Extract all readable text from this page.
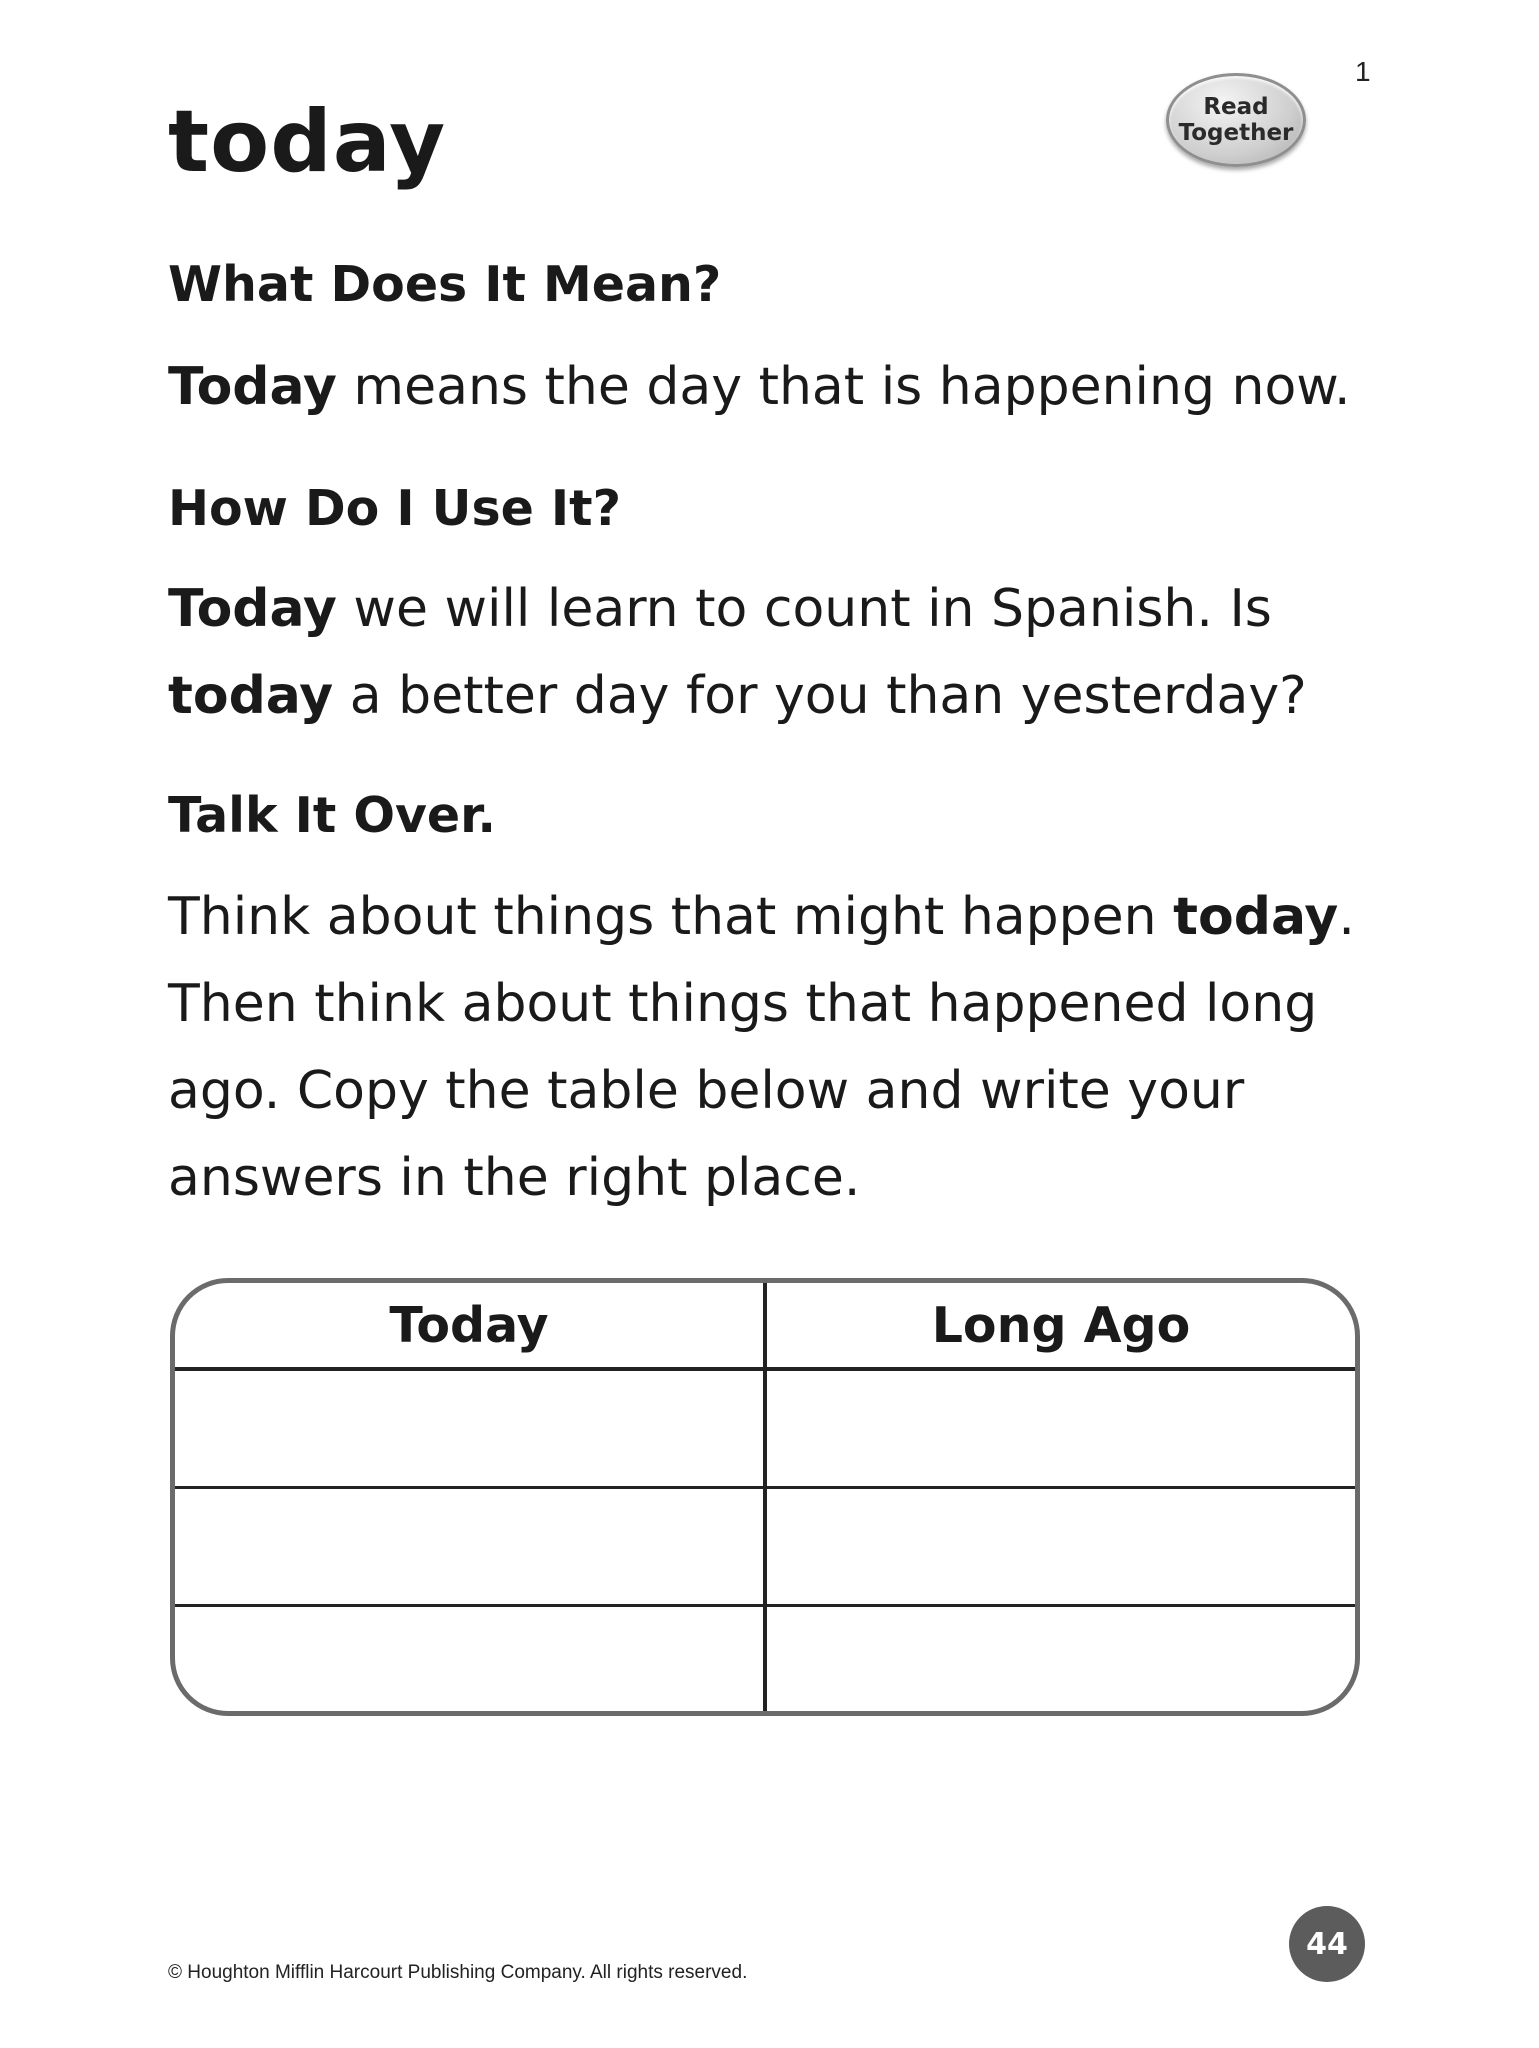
1
Read
Together
today
What Does It Mean?

Today means the day that is happening now.

How Do I Use It?

Today we will learn to count in Spanish. Is today a better day for you than yesterday?

Talk It Over.

Think about things that might happen today. Then think about things that happened long ago. Copy the table below and write your answers in the right place.

Today	Long Ago

44
© Houghton Mifflin Harcourt Publishing Company. All rights reserved.
